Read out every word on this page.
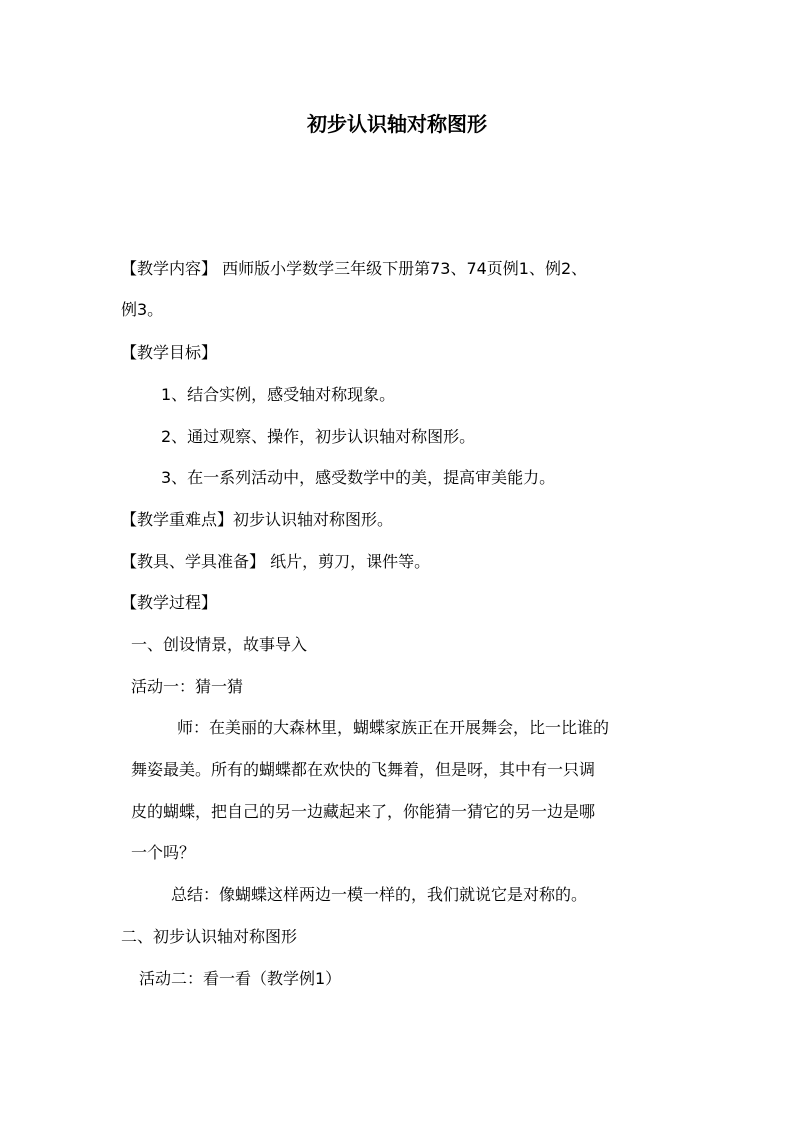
初步认识轴对称图形
【教学内容】 西师版小学数学三年级下册第73、74页例1、例2、
例3。
【教学目标】
1、结合实例，感受轴对称现象。
2、通过观察、操作，初步认识轴对称图形。
3、在一系列活动中，感受数学中的美，提高审美能力。
【教学重难点】初步认识轴对称图形。
【教具、学具准备】 纸片，剪刀，课件等。
【教学过程】
一、创设情景，故事导入
活动一：猜一猜
师：在美丽的大森林里，蝴蝶家族正在开展舞会，比一比谁的
舞姿最美。所有的蝴蝶都在欢快的飞舞着，但是呀，其中有一只调
皮的蝴蝶，把自己的另一边藏起来了，你能猜一猜它的另一边是哪
一个吗？
总结：像蝴蝶这样两边一模一样的，我们就说它是对称的。
二、初步认识轴对称图形
活动二：看一看（教学例1）
